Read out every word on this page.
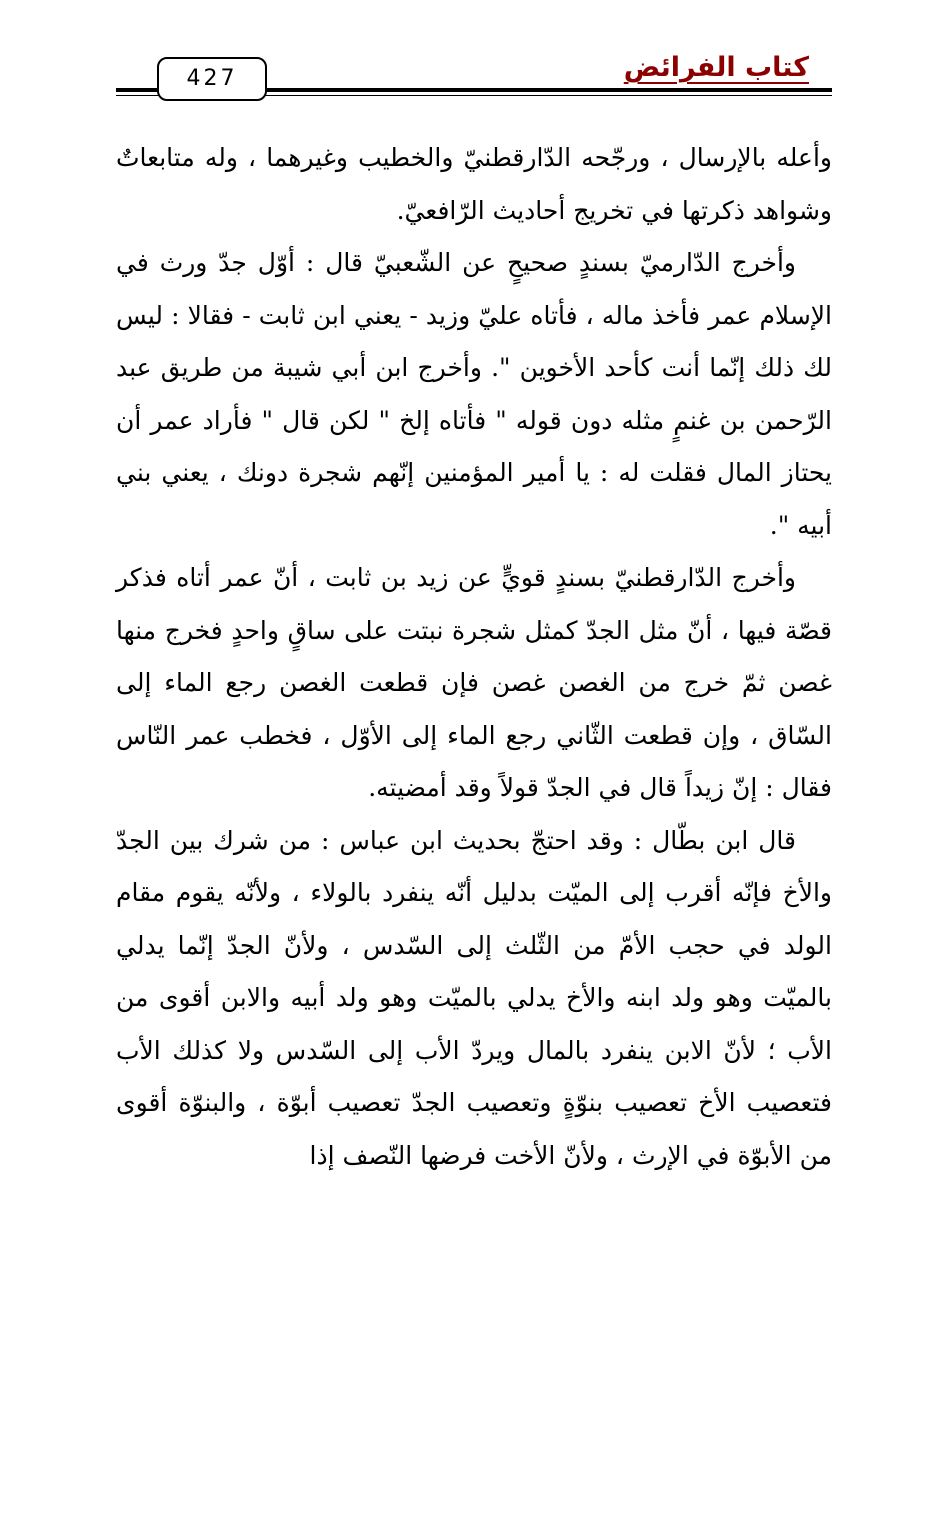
كتاب الفرائض
427

وأعله بالإرسال ، ورجّحه الدّارقطنيّ والخطيب وغيرهما ، وله متابعاتٌ وشواهد ذكرتها في تخريج أحاديث الرّافعيّ.

وأخرج الدّارميّ بسندٍ صحيحٍ عن الشّعبيّ قال : أوّل جدّ ورث في الإسلام عمر فأخذ ماله ، فأتاه عليّ وزيد - يعني ابن ثابت - فقالا : ليس لك ذلك إنّما أنت كأحد الأخوين ". وأخرج ابن أبي شيبة من طريق عبد الرّحمن بن غنمٍ مثله دون قوله " فأتاه إلخ " لكن قال " فأراد عمر أن يحتاز المال فقلت له : يا أمير المؤمنين إنّهم شجرة دونك ، يعني بني أبيه ".

وأخرج الدّارقطنيّ بسندٍ قويٍّ عن زيد بن ثابت ، أنّ عمر أتاه فذكر قصّة فيها ، أنّ مثل الجدّ كمثل شجرة نبتت على ساقٍ واحدٍ فخرج منها غصن ثمّ خرج من الغصن غصن فإن قطعت الغصن رجع الماء إلى السّاق ، وإن قطعت الثّاني رجع الماء إلى الأوّل ، فخطب عمر النّاس فقال : إنّ زيداً قال في الجدّ قولاً وقد أمضيته.

قال ابن بطّال : وقد احتجّ بحديث ابن عباس : من شرك بين الجدّ والأخ فإنّه أقرب إلى الميّت بدليل أنّه ينفرد بالولاء ، ولأنّه يقوم مقام الولد في حجب الأمّ من الثّلث إلى السّدس ، ولأنّ الجدّ إنّما يدلي بالميّت وهو ولد ابنه والأخ يدلي بالميّت وهو ولد أبيه والابن أقوى من الأب ؛ لأنّ الابن ينفرد بالمال ويردّ الأب إلى السّدس ولا كذلك الأب فتعصيب الأخ تعصيب بنوّةٍ وتعصيب الجدّ تعصيب أبوّة ، والبنوّة أقوى من الأبوّة في الإرث ، ولأنّ الأخت فرضها النّصف إذا
